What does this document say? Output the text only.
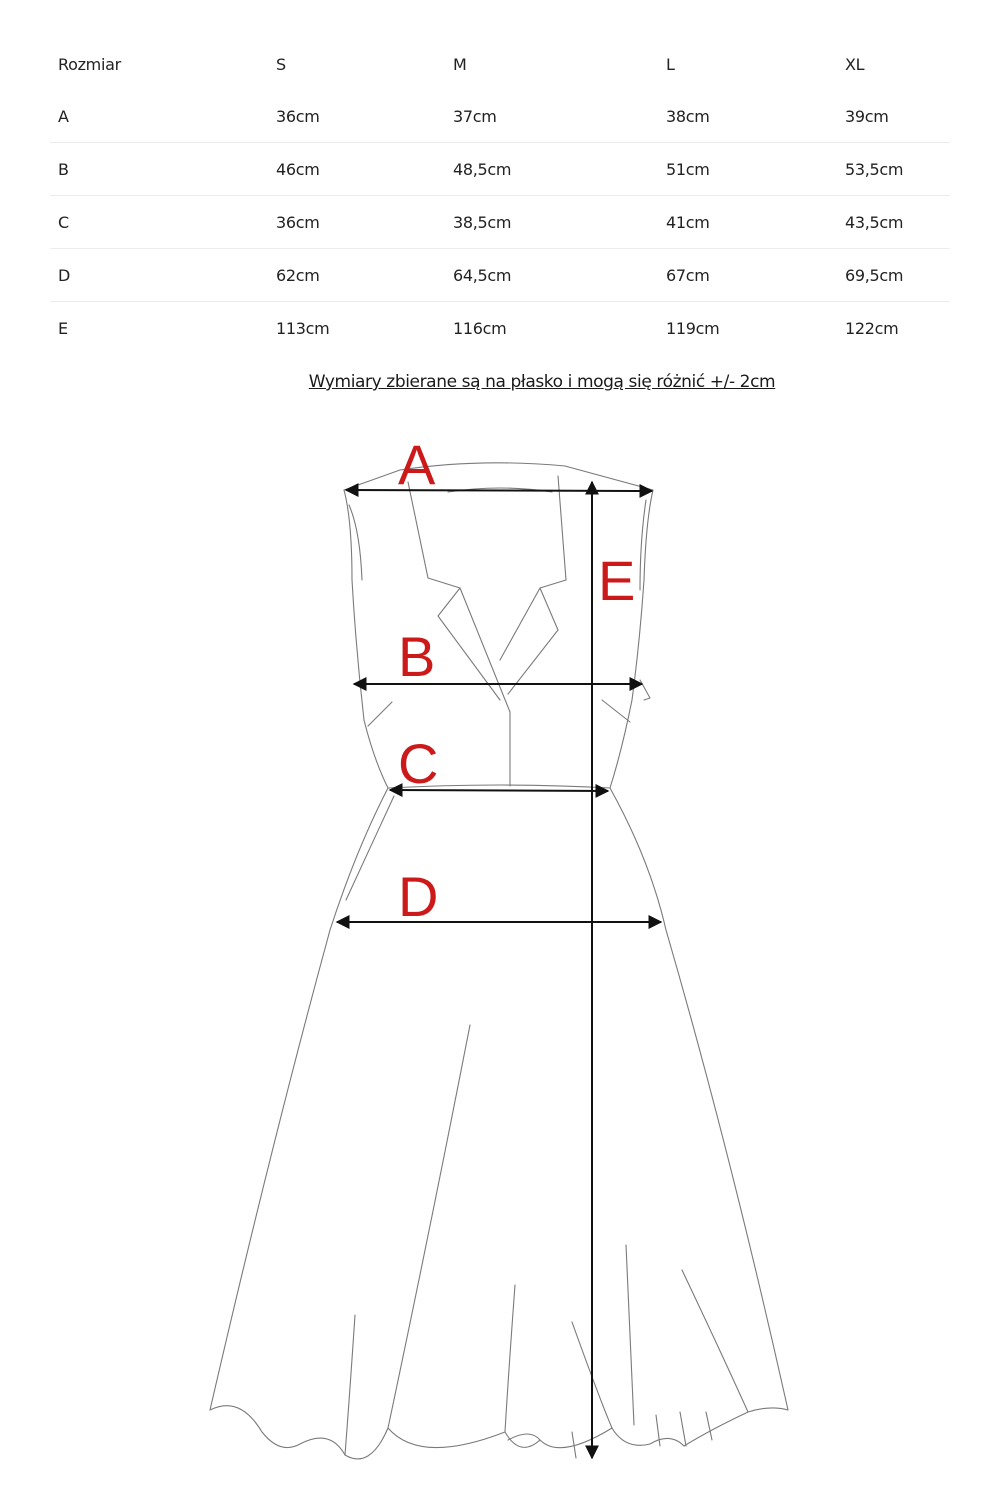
Rozmiar	S	M	L	XL
A	36cm	37cm	38cm	39cm
B	46cm	48,5cm	51cm	53,5cm
C	36cm	38,5cm	41cm	43,5cm
D	62cm	64,5cm	67cm	69,5cm
E	113cm	116cm	119cm	122cm
Wymiary zbierane są na płasko i mogą się różnić +/- 2cm
A
B
C
D
E
